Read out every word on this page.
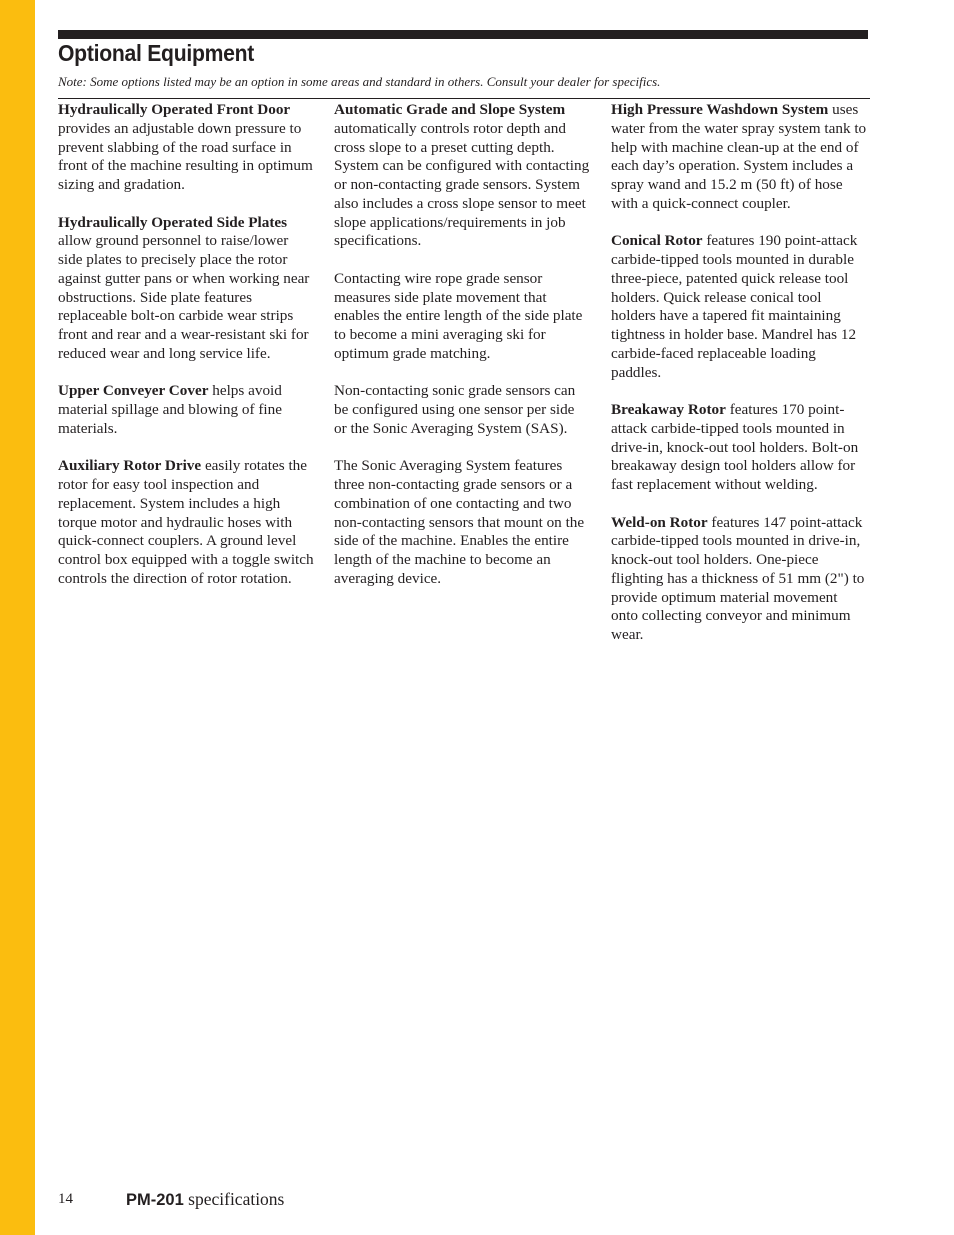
Optional Equipment

Note: Some options listed may be an option in some areas and standard in others. Consult your dealer for specifics.

Hydraulically Operated Front Door provides an adjustable down pressure to prevent slabbing of the road surface in front of the machine resulting in optimum sizing and gradation.

Hydraulically Operated Side Plates allow ground personnel to raise/lower side plates to precisely place the rotor against gutter pans or when working near obstructions. Side plate features replaceable bolt-on carbide wear strips front and rear and a wear-resistant ski for reduced wear and long service life.

Upper Conveyer Cover helps avoid material spillage and blowing of fine materials.

Auxiliary Rotor Drive easily rotates the rotor for easy tool inspection and replacement. System includes a high torque motor and hydraulic hoses with quick-connect couplers. A ground level control box equipped with a toggle switch controls the direction of rotor rotation.

Automatic Grade and Slope System automatically controls rotor depth and cross slope to a preset cutting depth. System can be configured with contacting or non-contacting grade sensors. System also includes a cross slope sensor to meet slope applications/requirements in job specifications.

Contacting wire rope grade sensor measures side plate movement that enables the entire length of the side plate to become a mini averaging ski for optimum grade matching.

Non-contacting sonic grade sensors can be configured using one sensor per side or the Sonic Averaging System (SAS).

The Sonic Averaging System features three non-contacting grade sensors or a combination of one contacting and two non-contacting sensors that mount on the side of the machine. Enables the entire length of the machine to become an averaging device.

High Pressure Washdown System uses water from the water spray system tank to help with machine clean-up at the end of each day’s operation. System includes a spray wand and 15.2 m (50 ft) of hose with a quick-connect coupler.

Conical Rotor features 190 point-attack carbide-tipped tools mounted in durable three-piece, patented quick release tool holders. Quick release conical tool holders have a tapered fit maintaining tightness in holder base. Mandrel has 12 carbide-faced replaceable loading paddles.

Breakaway Rotor features 170 point-attack carbide-tipped tools mounted in drive-in, knock-out tool holders. Bolt-on breakaway design tool holders allow for fast replacement without welding.

Weld-on Rotor features 147 point-attack carbide-tipped tools mounted in drive-in, knock-out tool holders. One-piece flighting has a thickness of 51 mm (2") to provide optimum material movement onto collecting conveyor and minimum wear.

14	PM-201 specifications
